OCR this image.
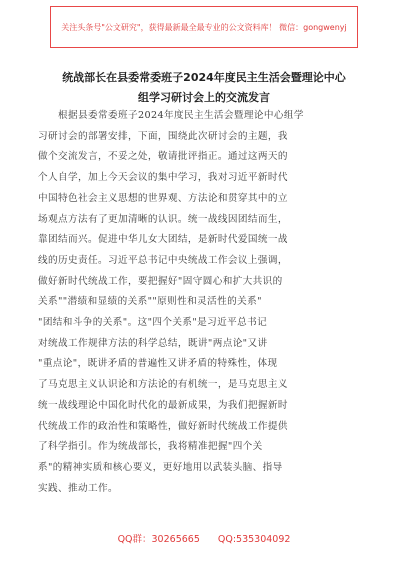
关注头条号"公文研究"，获得最新最全最专业的公文资料库！ 微信：gongwenyj
统战部长在县委常委班子2024年度民主生活会暨理论中心
组学习研讨会上的交流发言
根据县委常委班子2024年度民主生活会暨理论中心组学
习研讨会的部署安排，下面，围绕此次研讨会的主题，我
做个交流发言，不妥之处，敬请批评指正。通过这两天的
个人自学，加上今天会议的集中学习，我对习近平新时代
中国特色社会主义思想的世界观、方法论和贯穿其中的立
场观点方法有了更加清晰的认识。统一战线因团结而生，
靠团结而兴。促进中华儿女大团结，是新时代爱国统一战
线的历史责任。习近平总书记中央统战工作会议上强调，
做好新时代统战工作，要把握好"固守圆心和扩大共识的
关系""潜绩和显绩的关系""原则性和灵活性的关系"
"团结和斗争的关系"。这"四个关系"是习近平总书记
对统战工作规律方法的科学总结，既讲"两点论"又讲
"重点论"，既讲矛盾的普遍性又讲矛盾的特殊性，体现
了马克思主义认识论和方法论的有机统一，是马克思主义
统一战线理论中国化时代化的最新成果，为我们把握新时
代统战工作的政治性和策略性，做好新时代统战工作提供
了科学指引。作为统战部长，我将精准把握"四个关
系"的精神实质和核心要义，更好地用以武装头脑、指导
实践、推动工作。
QQ群：30265665 QQ:535304092
